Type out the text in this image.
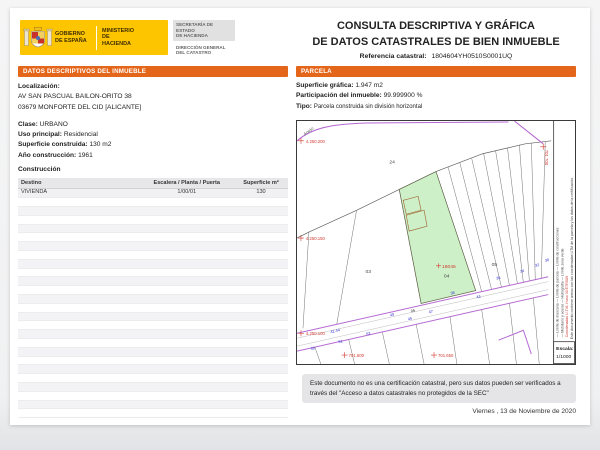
GOBIERNO
DE ESPAÑA
MINISTERIO
DE HACIENDA
SECRETARÍA DE ESTADO
DE HACIENDA
DIRECCIÓN GENERAL
DEL CATASTRO
CONSULTA DESCRIPTIVA Y GRÁFICA
DE DATOS CATASTRALES DE BIEN INMUEBLE
Referencia catastral: 1804604YH0510S0001UQ
DATOS DESCRIPTIVOS DEL INMUEBLE	PARCELA
Localización:
AV SAN PASCUAL BAILON-ORITO 38
03679 MONFORTE DEL CID [ALICANTE]
Clase: URBANO
Uso principal: Residencial
Superficie construida: 130 m2
Año construcción: 1961
Construcción
Destino	Escalera / Planta / Puerta	Superficie m²
VIVIENDA	1/00/01	130
Superficie gráfica: 1.947 m2
Participación del inmueble: 99.999900 %
Tipo: Parcela construida sin división horizontal
4.250.200
4.250.150
4.250.100
701.600	701.650
701.700
18046
24
03
04
05
06
Anejo
40
38
36
34
32
30
49
51
53
45
47
43
42-44	— Límite de manzana — Límite de parcela — Límite de construcciones — Mobiliario y aceras — Hidrografía — Límite zona verde Coordenadas U.T.M. Huso 30 ETRS89 Este documento contiene anexo con las coordenadas UTM de la parcela y los datos de la certificación.
Escala:
1/1000
Este documento no es una certificación catastral, pero sus datos pueden ser verificados a
través del "Acceso a datos catastrales no protegidos de la SEC"
Viernes , 13 de Noviembre de 2020
